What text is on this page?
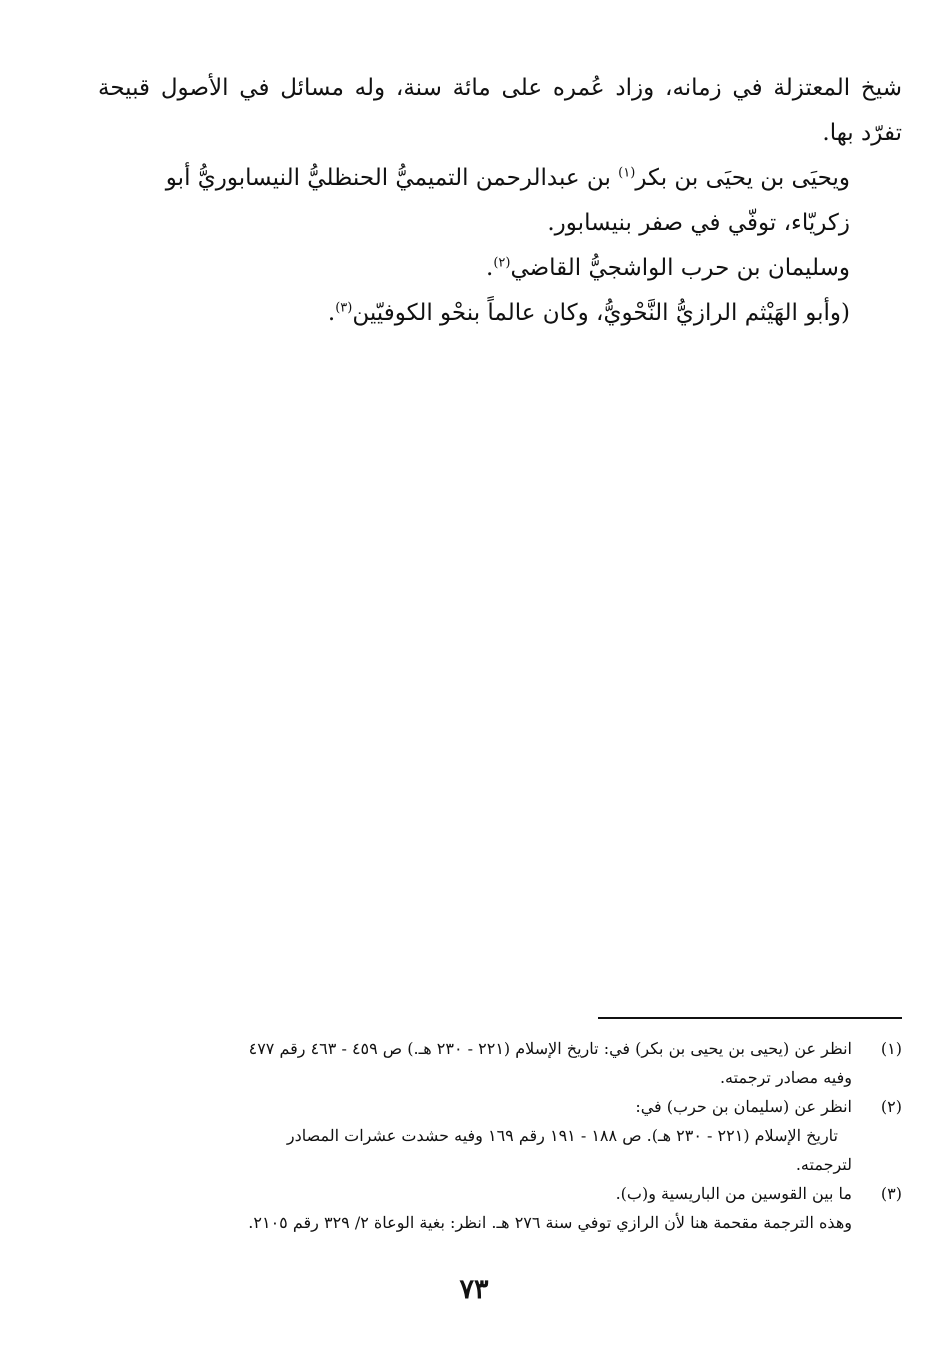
شيخ المعتزلة في زمانه، وزاد عُمره على مائة سنة، وله مسائل في الأصول قبيحة تفرّد بها.

ويحيَى بن يحيَى بن بكر$^{(١)}$ بن عبدالرحمن التميميُّ الحنظليُّ النيسابوريُّ أبو زكريّاء، توفّي في صفر بنيسابور.

وسليمان بن حرب الواشجيُّ القاضي$^{(٢)}$.

(وأبو الهَيْثم الرازيُّ النَّحْويُّ، وكان عالماً بنحْو الكوفيّين$^{(٣)}$.

(١)
انظر عن (يحيى بن يحيى بن بكر) في: تاريخ الإسلام (٢٢١ - ٢٣٠ هـ.) ص ٤٥٩ - ٤٦٣ رقم ٤٧٧
وفيه مصادر ترجمته.
(٢)
انظر عن (سليمان بن حرب) في:
تاريخ الإسلام (٢٢١ - ٢٣٠ هـ). ص ١٨٨ - ١٩١ رقم ١٦٩ وفيه حشدت عشرات المصادر
لترجمته.
(٣)
ما بين القوسين من الباريسية و(ب).
وهذه الترجمة مقحمة هنا لأن الرازي توفي سنة ٢٧٦ هـ. انظر: بغية الوعاة ٢/ ٣٢٩ رقم ٢١٠٥.
٧٣
